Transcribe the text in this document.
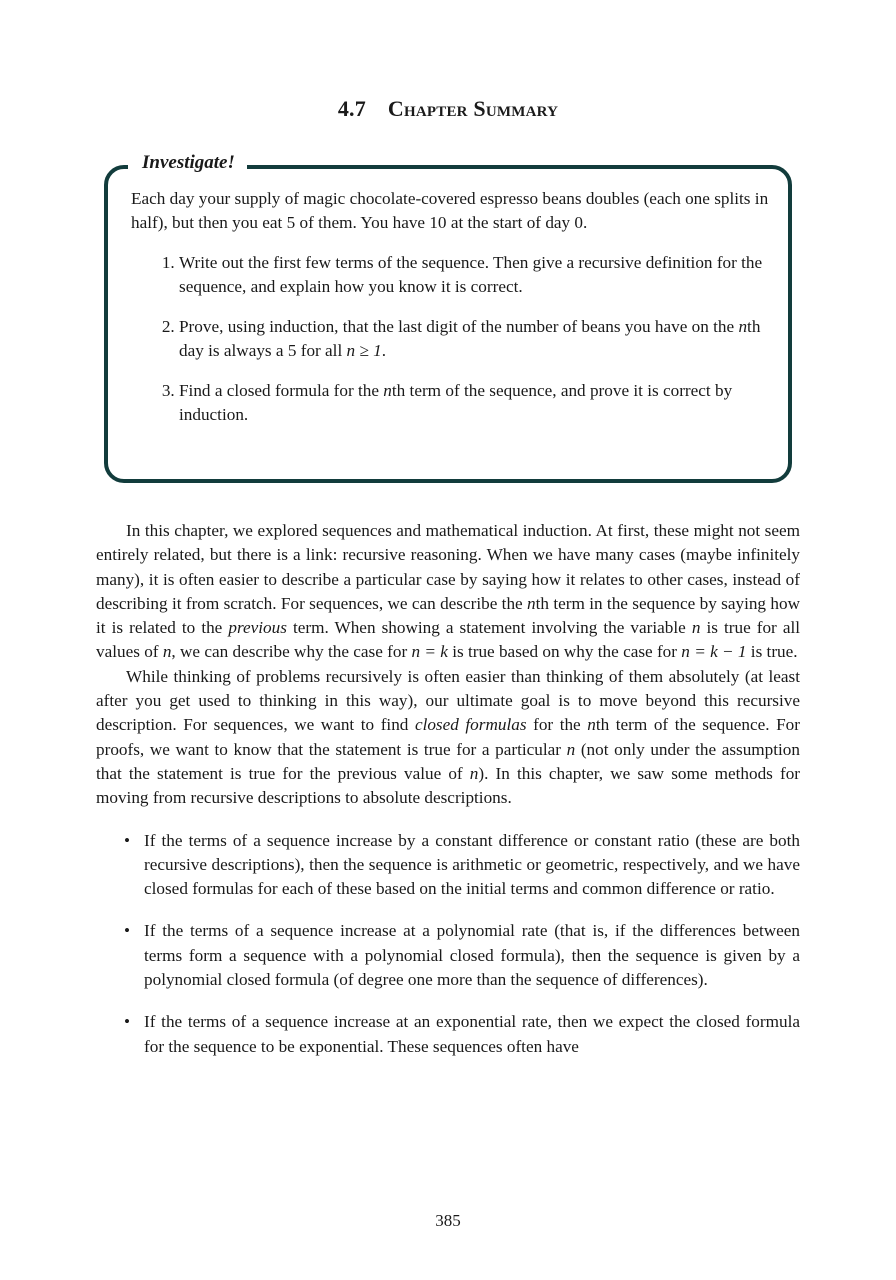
4.7 Chapter Summary
Investigate!

Each day your supply of magic chocolate-covered espresso beans doubles (each one splits in half), but then you eat 5 of them. You have 10 at the start of day 0.

1. Write out the first few terms of the sequence. Then give a recursive definition for the sequence, and explain how you know it is correct.
2. Prove, using induction, that the last digit of the number of beans you have on the nth day is always a 5 for all n ≥ 1.
3. Find a closed formula for the nth term of the sequence, and prove it is correct by induction.

In this chapter, we explored sequences and mathematical induction. At first, these might not seem entirely related, but there is a link: recursive reasoning. When we have many cases (maybe infinitely many), it is often easier to describe a particular case by saying how it relates to other cases, instead of describing it from scratch. For sequences, we can describe the nth term in the sequence by saying how it is related to the previous term. When showing a statement involving the variable n is true for all values of n, we can describe why the case for n = k is true based on why the case for n = k − 1 is true.

While thinking of problems recursively is often easier than thinking of them absolutely (at least after you get used to thinking in this way), our ultimate goal is to move beyond this recursive description. For sequences, we want to find closed formulas for the nth term of the sequence. For proofs, we want to know that the statement is true for a particular n (not only under the assumption that the statement is true for the previous value of n). In this chapter, we saw some methods for moving from recursive descriptions to absolute descriptions.

• If the terms of a sequence increase by a constant difference or constant ratio (these are both recursive descriptions), then the sequence is arithmetic or geometric, respectively, and we have closed formulas for each of these based on the initial terms and common difference or ratio.
• If the terms of a sequence increase at a polynomial rate (that is, if the differences between terms form a sequence with a polynomial closed formula), then the sequence is given by a polynomial closed formula (of degree one more than the sequence of differences).
• If the terms of a sequence increase at an exponential rate, then we expect the closed formula for the sequence to be exponential. These sequences often have
385
